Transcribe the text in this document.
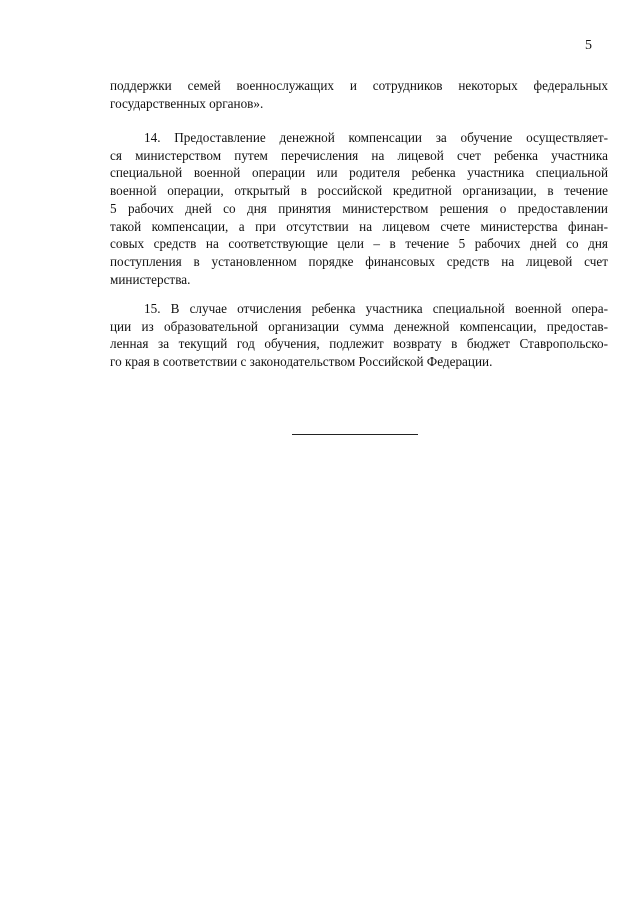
5
поддержки семей военнослужащих и сотрудников некоторых федеральных
государственных органов».
14. Предоставление денежной компенсации за обучение осуществляет-
ся министерством путем перечисления на лицевой счет ребенка участника
специальной военной операции или родителя ребенка участника специальной
военной операции, открытый в российской кредитной организации, в течение
5 рабочих дней со дня принятия министерством решения о предоставлении
такой компенсации, а при отсутствии на лицевом счете министерства финан-
совых средств на соответствующие цели – в течение 5 рабочих дней со дня
поступления в установленном порядке финансовых средств на лицевой счет
министерства.
15. В случае отчисления ребенка участника специальной военной опера-
ции из образовательной организации сумма денежной компенсации, предостав-
ленная за текущий год обучения, подлежит возврату в бюджет Ставропольско-
го края в соответствии с законодательством Российской Федерации.
